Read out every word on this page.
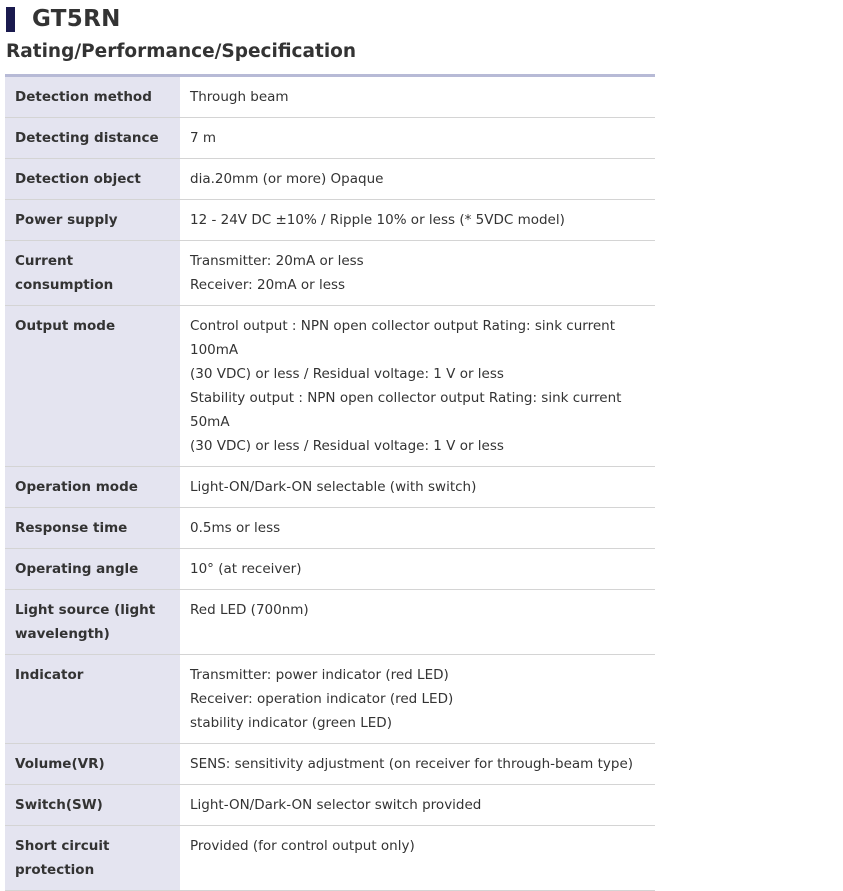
GT5RN
Rating/Performance/Specification
Detection method	Through beam

Detecting distance	7 m

Detection object	dia.20mm (or more) Opaque

Power supply	12 - 24V DC ±10% / Ripple 10% or less (* 5VDC model)

Current consumption	Transmitter: 20mA or less
Receiver: 20mA or less

Output mode	Control output : NPN open collector output Rating: sink current 100mA
(30 VDC) or less / Residual voltage: 1 V or less
Stability output : NPN open collector output Rating: sink current 50mA
(30 VDC) or less / Residual voltage: 1 V or less

Operation mode	Light-ON/Dark-ON selectable (with switch)

Response time	0.5ms or less

Operating angle	10° (at receiver)

Light source (light wavelength)	Red LED (700nm)

Indicator	Transmitter: power indicator (red LED)
Receiver: operation indicator (red LED)
stability indicator (green LED)

Volume(VR)	SENS: sensitivity adjustment (on receiver for through-beam type)

Switch(SW)	Light-ON/Dark-ON selector switch provided

Short circuit protection	Provided (for control output only)
